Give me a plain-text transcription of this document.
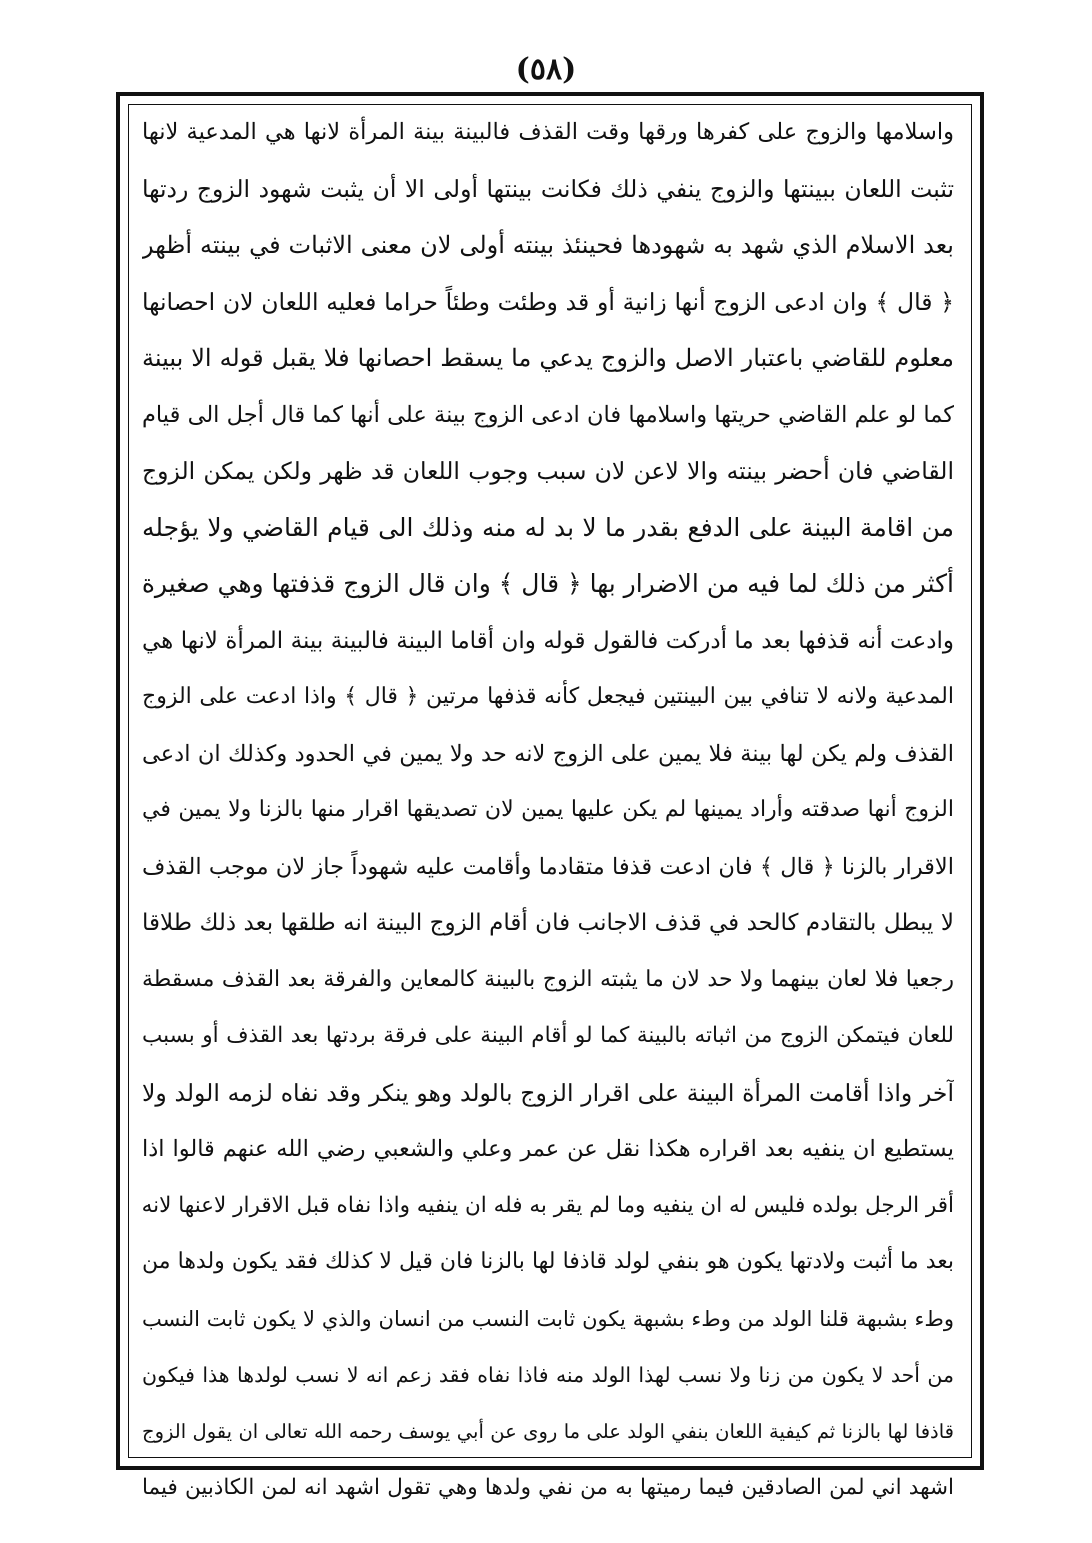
(٥٨)
واسلامها والزوج على كفرها ورقها وقت القذف فالبينة بينة المرأة لانها هي المدعية لانها
تثبت اللعان ببينتها والزوج ينفي ذلك فكانت بينتها أولى الا أن يثبت شهود الزوج ردتها
بعد الاسلام الذي شهد به شهودها فحينئذ بينته أولى لان معنى الاثبات في بينته أظهر
﴿ قال ﴾ وان ادعى الزوج أنها زانية أو قد وطئت وطئاً حراما فعليه اللعان لان احصانها
معلوم للقاضي باعتبار الاصل والزوج يدعي ما يسقط احصانها فلا يقبل قوله الا ببينة
كما لو علم القاضي حريتها واسلامها فان ادعى الزوج بينة على أنها كما قال أجل الى قيام
القاضي فان أحضر بينته والا لاعن لان سبب وجوب اللعان قد ظهر ولكن يمكن الزوج
من اقامة البينة على الدفع بقدر ما لا بد له منه وذلك الى قيام القاضي ولا يؤجله
أكثر من ذلك لما فيه من الاضرار بها ﴿ قال ﴾ وان قال الزوج قذفتها وهي صغيرة
وادعت أنه قذفها بعد ما أدركت فالقول قوله وان أقاما البينة فالبينة بينة المرأة لانها هي
المدعية ولانه لا تنافي بين البينتين فيجعل كأنه قذفها مرتين ﴿ قال ﴾ واذا ادعت على الزوج
القذف ولم يكن لها بينة فلا يمين على الزوج لانه حد ولا يمين في الحدود وكذلك ان ادعى
الزوج أنها صدقته وأراد يمينها لم يكن عليها يمين لان تصديقها اقرار منها بالزنا ولا يمين في
الاقرار بالزنا ﴿ قال ﴾ فان ادعت قذفا متقادما وأقامت عليه شهوداً جاز لان موجب القذف
لا يبطل بالتقادم كالحد في قذف الاجانب فان أقام الزوج البينة انه طلقها بعد ذلك طلاقا
رجعيا فلا لعان بينهما ولا حد لان ما يثبته الزوج بالبينة كالمعاين والفرقة بعد القذف مسقطة
للعان فيتمكن الزوج من اثباته بالبينة كما لو أقام البينة على فرقة بردتها بعد القذف أو بسبب
آخر واذا أقامت المرأة البينة على اقرار الزوج بالولد وهو ينكر وقد نفاه لزمه الولد ولا
يستطيع ان ينفيه بعد اقراره هكذا نقل عن عمر وعلي والشعبي رضي الله عنهم قالوا اذا
أقر الرجل بولده فليس له ان ينفيه وما لم يقر به فله ان ينفيه واذا نفاه قبل الاقرار لاعنها لانه
بعد ما أثبت ولادتها يكون هو بنفي لولد قاذفا لها بالزنا فان قيل لا كذلك فقد يكون ولدها من
وطء بشبهة قلنا الولد من وطء بشبهة يكون ثابت النسب من انسان والذي لا يكون ثابت النسب
من أحد لا يكون من زنا ولا نسب لهذا الولد منه فاذا نفاه فقد زعم انه لا نسب لولدها هذا فيكون
قاذفا لها بالزنا ثم كيفية اللعان بنفي الولد على ما روى عن أبي يوسف رحمه الله تعالى ان يقول الزوج
اشهد اني لمن الصادقين فيما رميتها به من نفي ولدها وهي تقول اشهد انه لمن الكاذبين فيما
